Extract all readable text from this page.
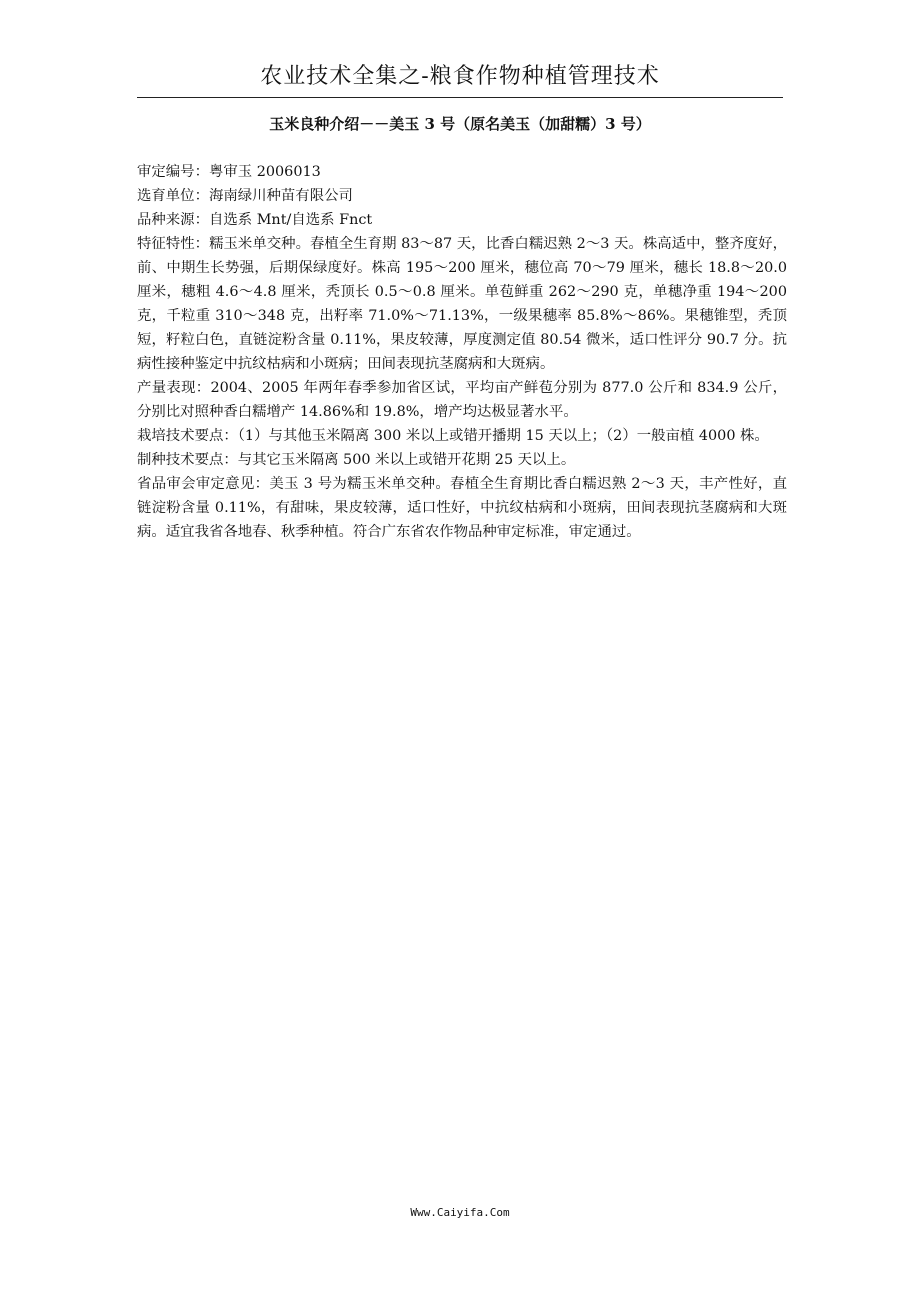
农业技术全集之-粮食作物种植管理技术
玉米良种介绍－－美玉 3 号（原名美玉（加甜糯）3 号）

审定编号：粤审玉 2006013

选育单位：海南绿川种苗有限公司

品种来源：自选系 Mnt/自选系 Fnct

特征特性：糯玉米单交种。春植全生育期 83～87 天，比香白糯迟熟 2～3 天。株高适中，整齐度好，前、中期生长势强，后期保绿度好。株高 195～200 厘米，穗位高 70～79 厘米，穗长 18.8～20.0 厘米，穗粗 4.6～4.8 厘米，秃顶长 0.5～0.8 厘米。单苞鲜重 262～290 克，单穗净重 194～200 克，千粒重 310～348 克，出籽率 71.0%～71.13%，一级果穗率 85.8%～86%。果穗锥型，秃顶短，籽粒白色，直链淀粉含量 0.11%，果皮较薄，厚度测定值 80.54 微米，适口性评分 90.7 分。抗病性接种鉴定中抗纹枯病和小斑病；田间表现抗茎腐病和大斑病。

产量表现：2004、2005 年两年春季参加省区试，平均亩产鲜苞分别为 877.0 公斤和 834.9 公斤，分别比对照种香白糯增产 14.86%和 19.8%，增产均达极显著水平。

栽培技术要点：（1）与其他玉米隔离 300 米以上或错开播期 15 天以上；（2）一般亩植 4000 株。

制种技术要点：与其它玉米隔离 500 米以上或错开花期 25 天以上。

省品审会审定意见：美玉 3 号为糯玉米单交种。春植全生育期比香白糯迟熟 2～3 天，丰产性好，直链淀粉含量 0.11%，有甜味，果皮较薄，适口性好，中抗纹枯病和小斑病，田间表现抗茎腐病和大斑病。适宜我省各地春、秋季种植。符合广东省农作物品种审定标准，审定通过。

Www.Caiyifa.Com
